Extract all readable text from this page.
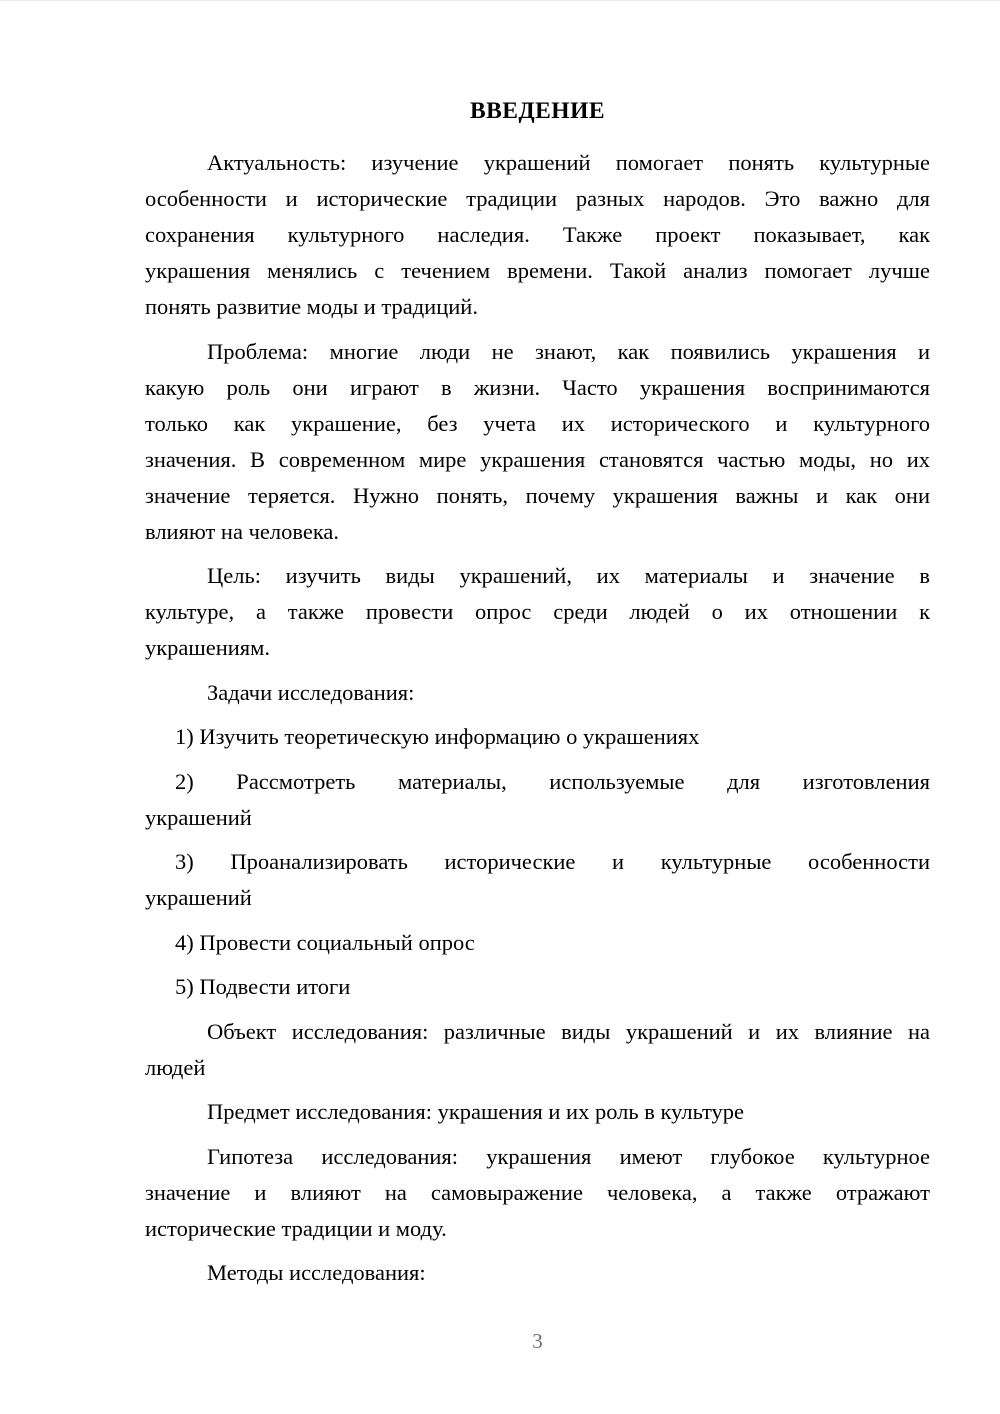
ВВЕДЕНИЕ
Актуальность: изучение украшений помогает понять культурные
особенности и исторические традиции разных народов. Это важно для
сохранения культурного наследия. Также проект показывает, как
украшения менялись с течением времени. Такой анализ помогает лучше
понять развитие моды и традиций.
Проблема: многие люди не знают, как появились украшения и
какую роль они играют в жизни. Часто украшения воспринимаются
только как украшение, без учета их исторического и культурного
значения. В современном мире украшения становятся частью моды, но их
значение теряется. Нужно понять, почему украшения важны и как они
влияют на человека.
Цель: изучить виды украшений, их материалы и значение в
культуре, а также провести опрос среди людей о их отношении к
украшениям.
Задачи исследования:
1) Изучить теоретическую информацию о украшениях
2) Рассмотреть материалы, используемые для изготовления
украшений
3) Проанализировать исторические и культурные особенности
украшений
4) Провести социальный опрос
5) Подвести итоги
Объект исследования: различные виды украшений и их влияние на
людей
Предмет исследования: украшения и их роль в культуре
Гипотеза исследования: украшения имеют глубокое культурное
значение и влияют на самовыражение человека, а также отражают
исторические традиции и моду.
Методы исследования:
3
